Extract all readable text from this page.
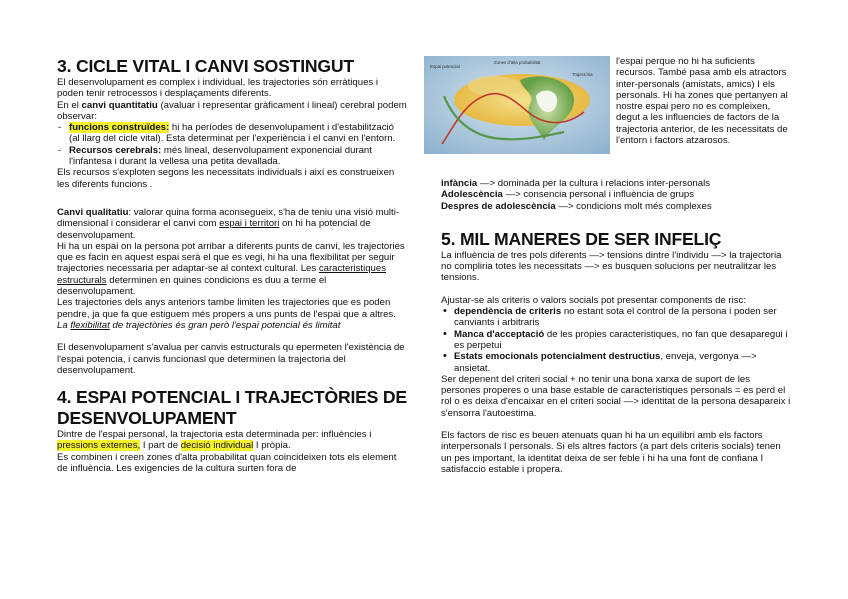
3. CICLE VITAL I CANVI SOSTINGUT

El desenvolupament es complex i individual, les trajectories són erràtiques i poden tenir retrocessos i desplaçaments diferents.

En el canvi quantitatiu (avaluar i representar gràficament i lineal) cerebral podem observar:

- funcions construïdes: hi ha períodes de desenvolupament i d'estabilització (al llarg del cicle vital). Esta determinat per l'experiència i el canvi en l'entorn.
- Recursos cerebrals: més lineal, desenvolupament exponencial durant l'infantesa i durant la vellesa una petita devallada.

Els recursos s'exploten segons les necessitats individuals i així es construeixen les diferents funcions .

Canvi qualitatiu: valorar quina forma aconsegueix, s'ha de teniu una visió multi-dimensional i considerar el canvi com espai i territori on hi ha potencial de desenvolupament.

Hi ha un espai on la persona pot arribar a diferents punts de canvi, les trajectories que es facin en aquest espai serà el que es vegi, hi ha una flexibilitat per seguir trajectories necessaria per adaptar-se al context cultural. Les caracteristiques estructurals determinen en quines condicions es duu a terme el desenvolupament.

Les trajectories dels anys anteriors tambe limiten les trajectories que es poden pendre, ja que fa que estiguem més propers a uns punts de l'espai que a altres.

La flexibilitat de trajectòries és gran però l'espai potencial és limitat

El desenvolupament s'avalua per canvis estructurals qu epermeten l'existència de l'espai potencia, i canvis funcionasl que determinen la trajectoria del desenvolupament.

4. ESPAI POTENCIAL I TRAJECTÒRIES DE DESENVOLUPAMENT

Dintre de l'espai personal, la trajectoria esta determinada per: influències i pressions externes, I part de decisió individual I pròpia.

Es combinen i creen zones d'alta probabilitat quan coincideixen tots els element de influència. Les exigencies de la cultura surten fora de

Espai potencial
Zones d'alta probabilitat
Trajectòria

l'espai perque no hi ha suficients recursos. També pasa amb els atractors inter-personals (amistats, amics) I els personals. Hi ha zones que pertanyen al nostre espai pero no es compleixen, degut a les influencies de factors de la trajectoria anterior, de les necessitats de l'entorn i factors atzarosos.

infància —> dominada per la cultura i relacions inter-personals

Adolescència —> consencia personal i influència de grups

Despres de adolescència —> condicions molt més complexes

5. MIL MANERES DE SER INFELIÇ

La influència de tres pols diferents —> tensions dintre l'individu —> la trajectoria no compliria totes les necessitats —> es busquen solucions per neutralitzar les tensions.

Ajustar-se als criteris o valors socials pot presentar components de risc:

• dependència de criteris no estant sota el control de la persona i poden ser canviants i arbitraris
• Manca d'acceptació de les propies caracteristiques, no fan que desaparegui i es perpetui
• Estats emocionals potencialment destructius, enveja, vergonya —> ansietat.

Ser depenent del criteri social + no tenir una bona xarxa de suport de les persones properes o una base estable de caracteristiques personals = es perd el rol o es deixa d'encaixar en el criteri social —> identitat de la persona desapareix i s'ensorra l'autoestima.

Els factors de risc es beuen atenuats quan hi ha un equilibri amb els factors interpersonals I personals. Si els altres factors (a part dels criteris socials) tenen un pes important, la identitat deixa de ser feble i hi ha una font de confiana I satisfaccio estable i propera.
